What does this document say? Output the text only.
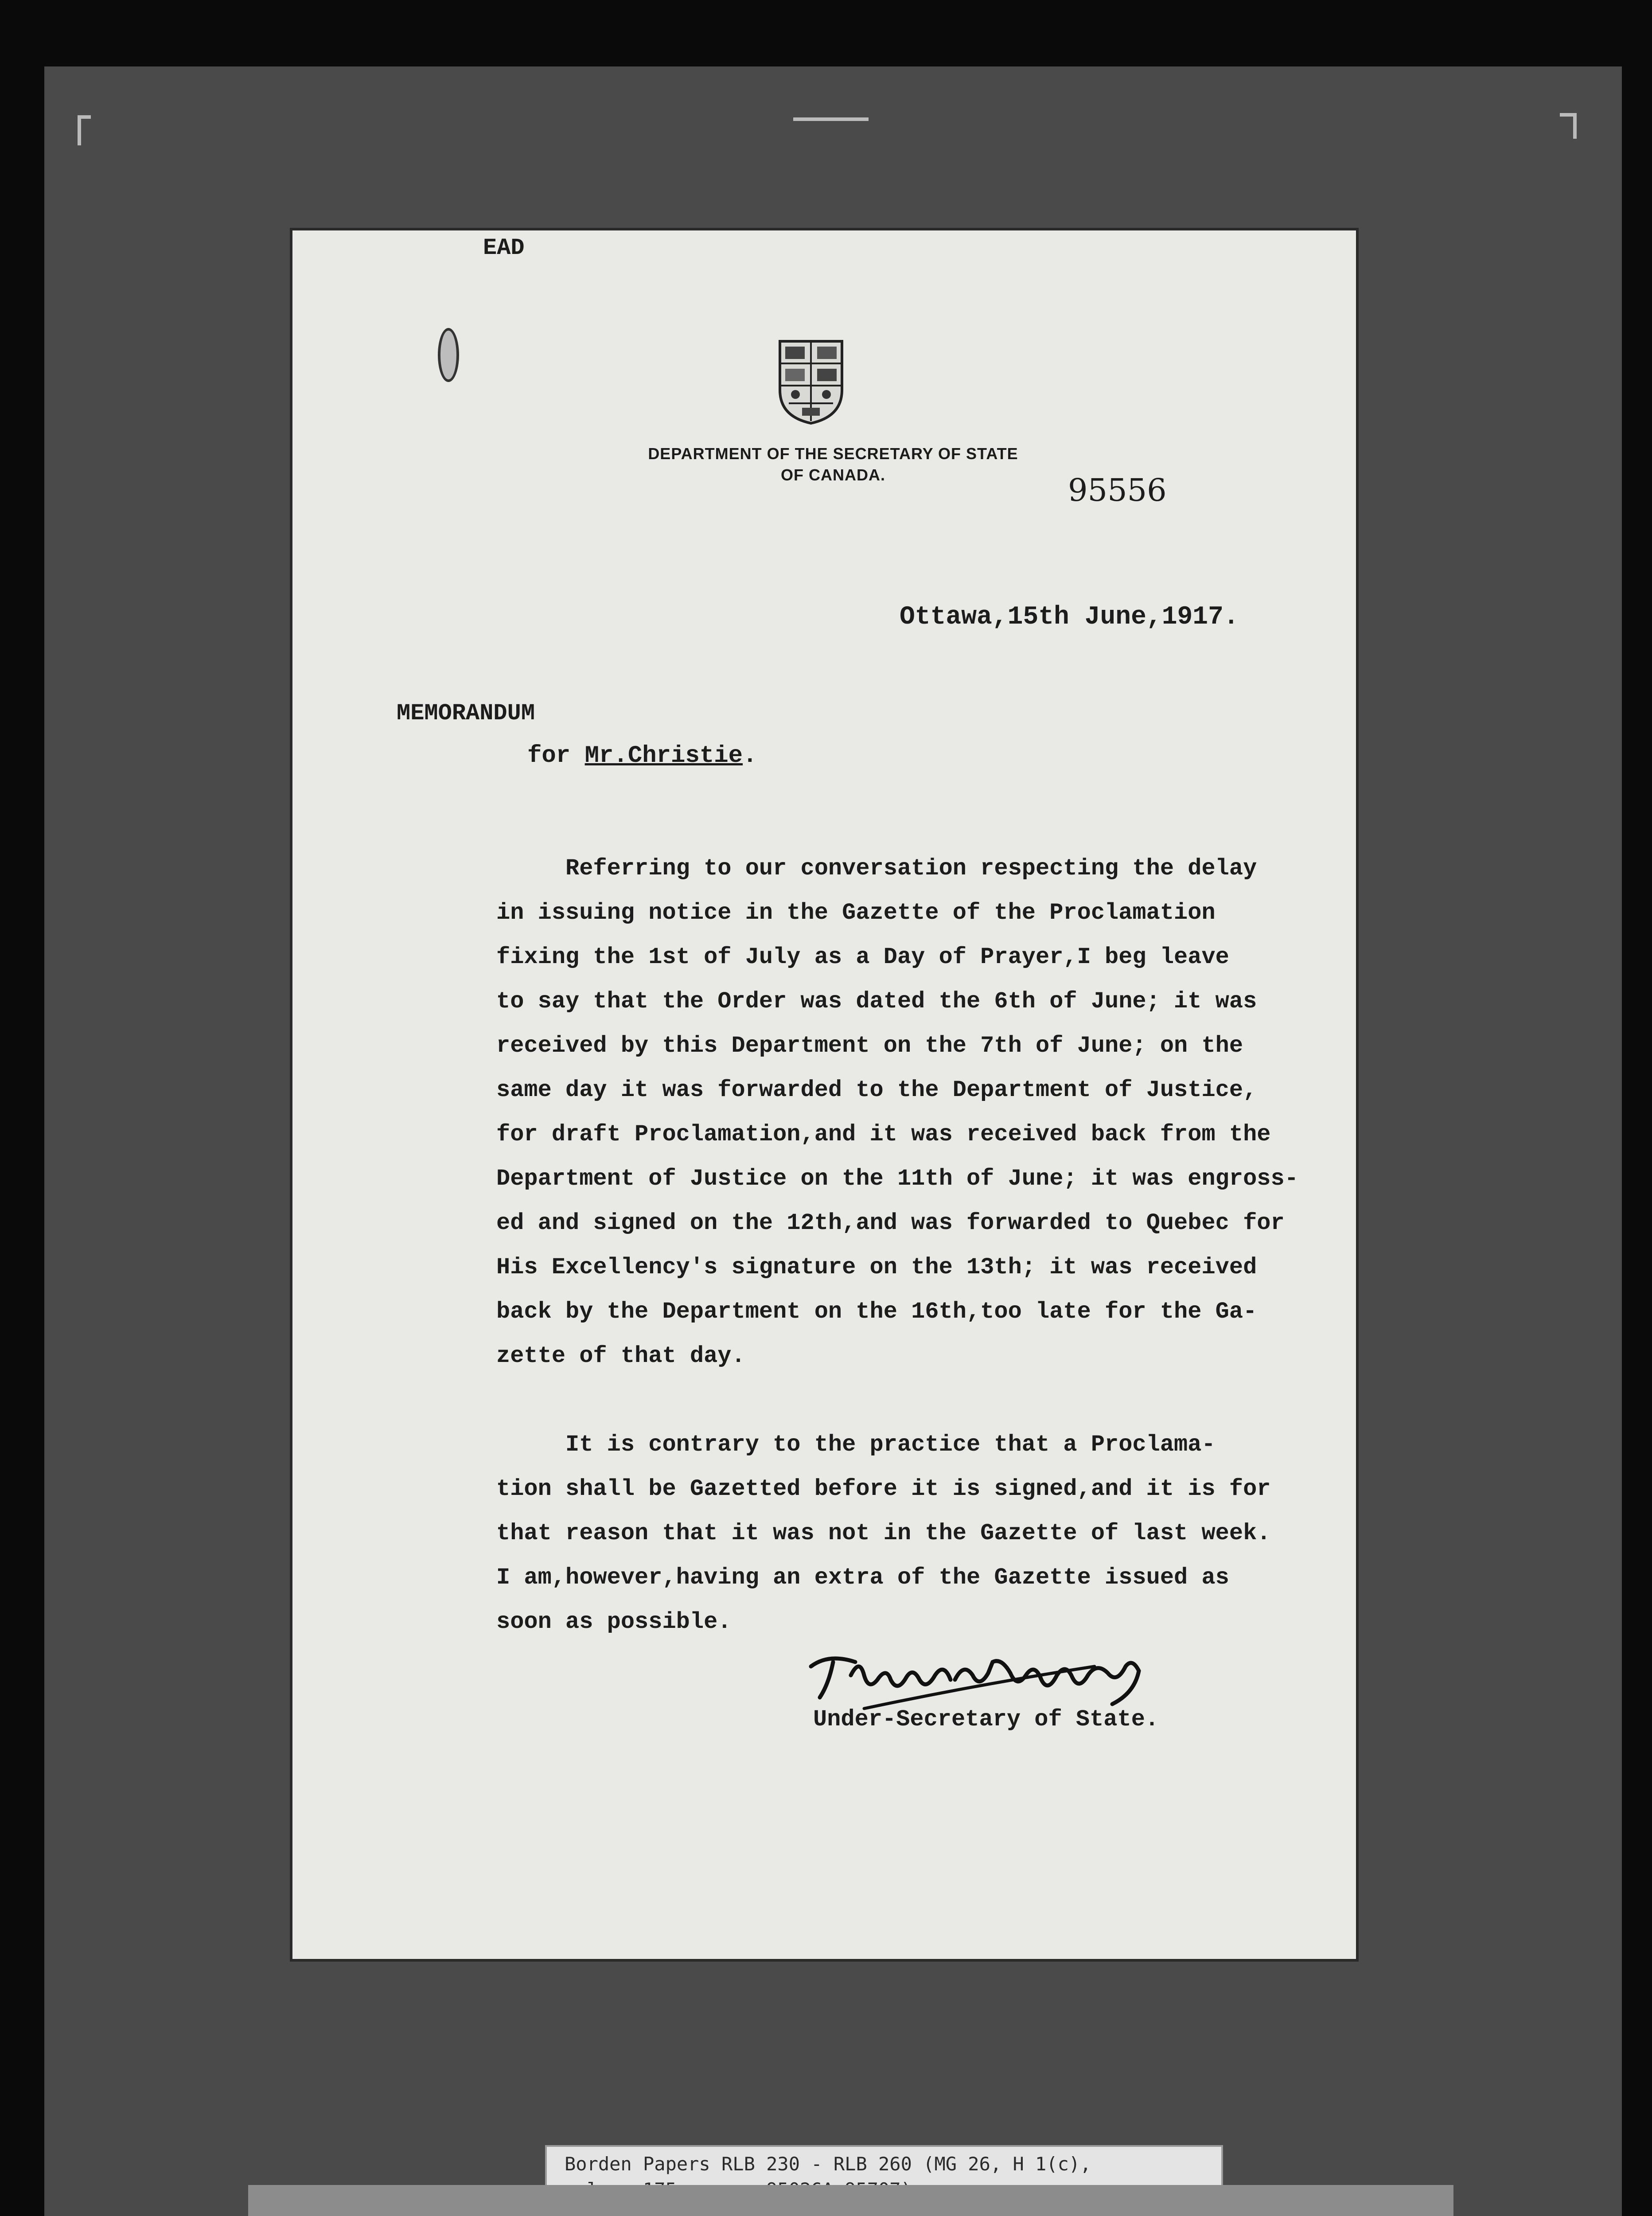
EAD
DEPARTMENT OF THE SECRETARY OF STATE
OF CANADA.	95556
Ottawa,15th June,1917.
MEMORANDUM
for Mr.Christie.
Referring to our conversation respecting the delay
in issuing notice in the Gazette of the Proclamation
fixing the 1st of July as a Day of Prayer,I beg leave
to say that the Order was dated the 6th of June; it was
received by this Department on the 7th of June; on the
same day it was forwarded to the Department of Justice,
for draft Proclamation,and it was received back from the
Department of Justice on the 11th of June; it was engross-
ed and signed on the 12th,and was forwarded to Quebec for
His Excellency's signature on the 13th; it was received
back by the Department on the 16th,too late for the Ga-
zette of that day.
It is contrary to the practice that a Proclama-
tion shall be Gazetted before it is signed,and it is for
that reason that it was not in the Gazette of last week.
I am,however,having an extra of the Gazette issued as
soon as possible.
Under-Secretary of State.
Borden Papers RLB 230 - RLB 260 (MG 26, H 1(c),
